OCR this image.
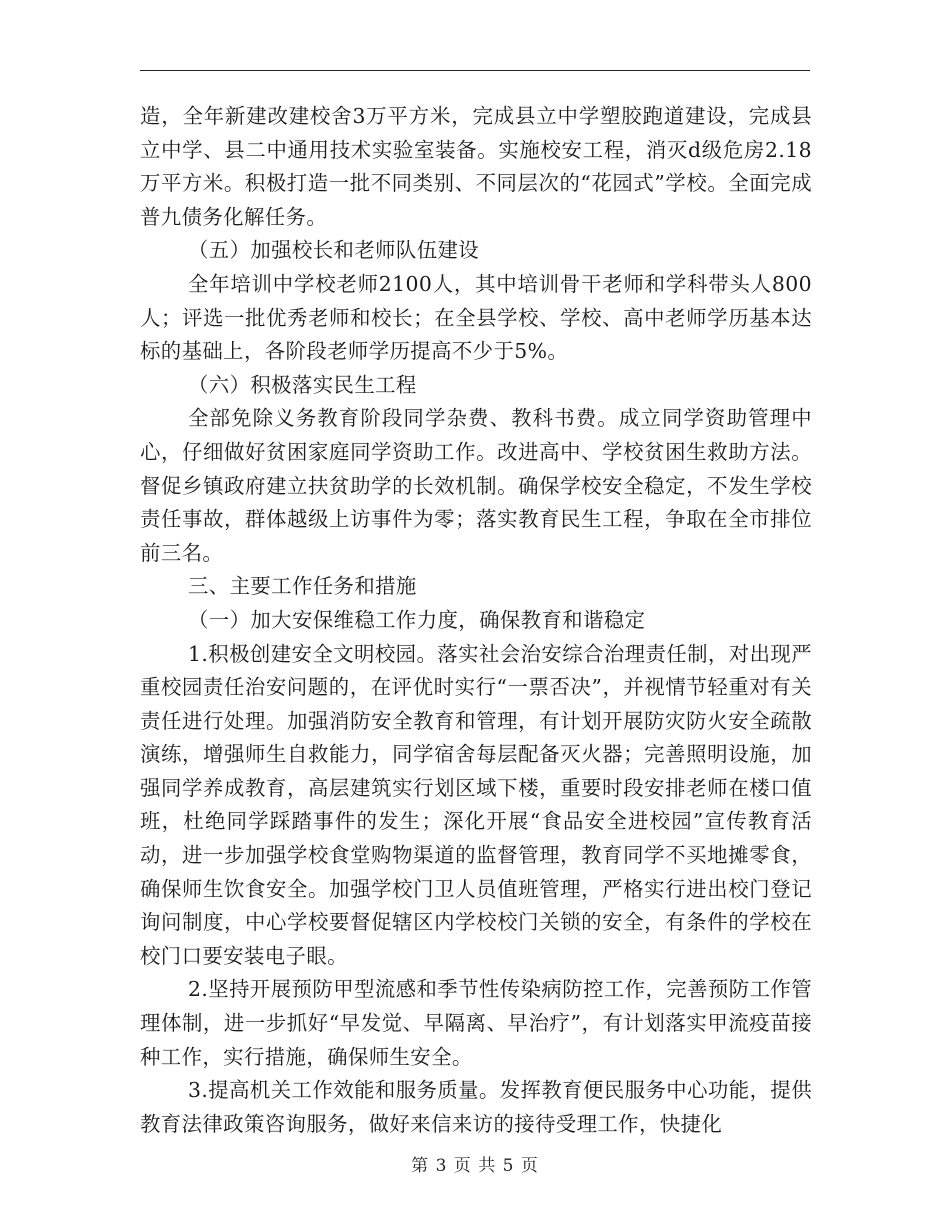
造，全年新建改建校舍3万平方米，完成县立中学塑胶跑道建设，完成县立中学、县二中通用技术实验室装备。实施校安工程，消灭d级危房2.18万平方米。积极打造一批不同类别、不同层次的“花园式”学校。全面完成普九债务化解任务。

（五）加强校长和老师队伍建设

全年培训中学校老师2100人，其中培训骨干老师和学科带头人800人；评选一批优秀老师和校长；在全县学校、学校、高中老师学历基本达标的基础上，各阶段老师学历提高不少于5%。

（六）积极落实民生工程

全部免除义务教育阶段同学杂费、教科书费。成立同学资助管理中心，仔细做好贫困家庭同学资助工作。改进高中、学校贫困生救助方法。督促乡镇政府建立扶贫助学的长效机制。确保学校安全稳定，不发生学校责任事故，群体越级上访事件为零；落实教育民生工程，争取在全市排位前三名。

三、主要工作任务和措施

（一）加大安保维稳工作力度，确保教育和谐稳定

1.积极创建安全文明校园。落实社会治安综合治理责任制，对出现严重校园责任治安问题的，在评优时实行“一票否决”，并视情节轻重对有关责任进行处理。加强消防安全教育和管理，有计划开展防灾防火安全疏散演练，增强师生自救能力，同学宿舍每层配备灭火器；完善照明设施，加强同学养成教育，高层建筑实行划区域下楼，重要时段安排老师在楼口值班，杜绝同学踩踏事件的发生；深化开展“食品安全进校园”宣传教育活动，进一步加强学校食堂购物渠道的监督管理，教育同学不买地摊零食，确保师生饮食安全。加强学校门卫人员值班管理，严格实行进出校门登记询问制度，中心学校要督促辖区内学校校门关锁的安全，有条件的学校在校门口要安装电子眼。

2.坚持开展预防甲型流感和季节性传染病防控工作，完善预防工作管理体制，进一步抓好“早发觉、早隔离、早治疗”，有计划落实甲流疫苗接种工作，实行措施，确保师生安全。

3.提高机关工作效能和服务质量。发挥教育便民服务中心功能，提供教育法律政策咨询服务，做好来信来访的接待受理工作，快捷化

第 3 页 共 5 页
